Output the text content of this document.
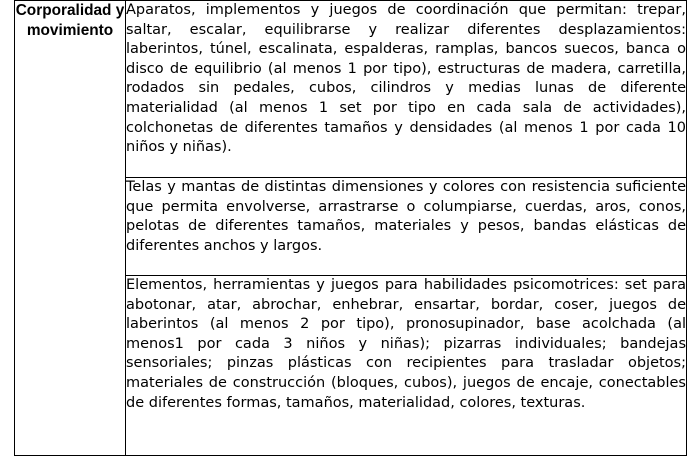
Corporalidad y movimiento	Aparatos, implementos y juegos de coordinación que permitan: trepar, saltar, escalar, equilibrarse y realizar diferentes desplazamientos: laberintos, túnel, escalinata, espalderas, ramplas, bancos suecos, banca o disco de equilibrio (al menos 1 por tipo), estructuras de madera, carretilla, rodados sin pedales, cubos, cilindros y medias lunas de diferente materialidad (al menos 1 set por tipo en cada sala de actividades), colchonetas de diferentes tamaños y densidades (al menos 1 por cada 10 niños y niñas).

	Telas y mantas de distintas dimensiones y colores con resistencia suficiente que permita envolverse, arrastrarse o columpiarse, cuerdas, aros, conos, pelotas de diferentes tamaños, materiales y pesos, bandas elásticas de diferentes anchos y largos.

	Elementos, herramientas y juegos para habilidades psicomotrices: set para abotonar, atar, abrochar, enhebrar, ensartar, bordar, coser, juegos de laberintos (al menos 2 por tipo), pronosupinador, base acolchada (al menos1 por cada 3 niños y niñas); pizarras individuales; bandejas sensoriales; pinzas plásticas con recipientes para trasladar objetos; materiales de construcción (bloques, cubos), juegos de encaje, conectables de diferentes formas, tamaños, materialidad, colores, texturas.
